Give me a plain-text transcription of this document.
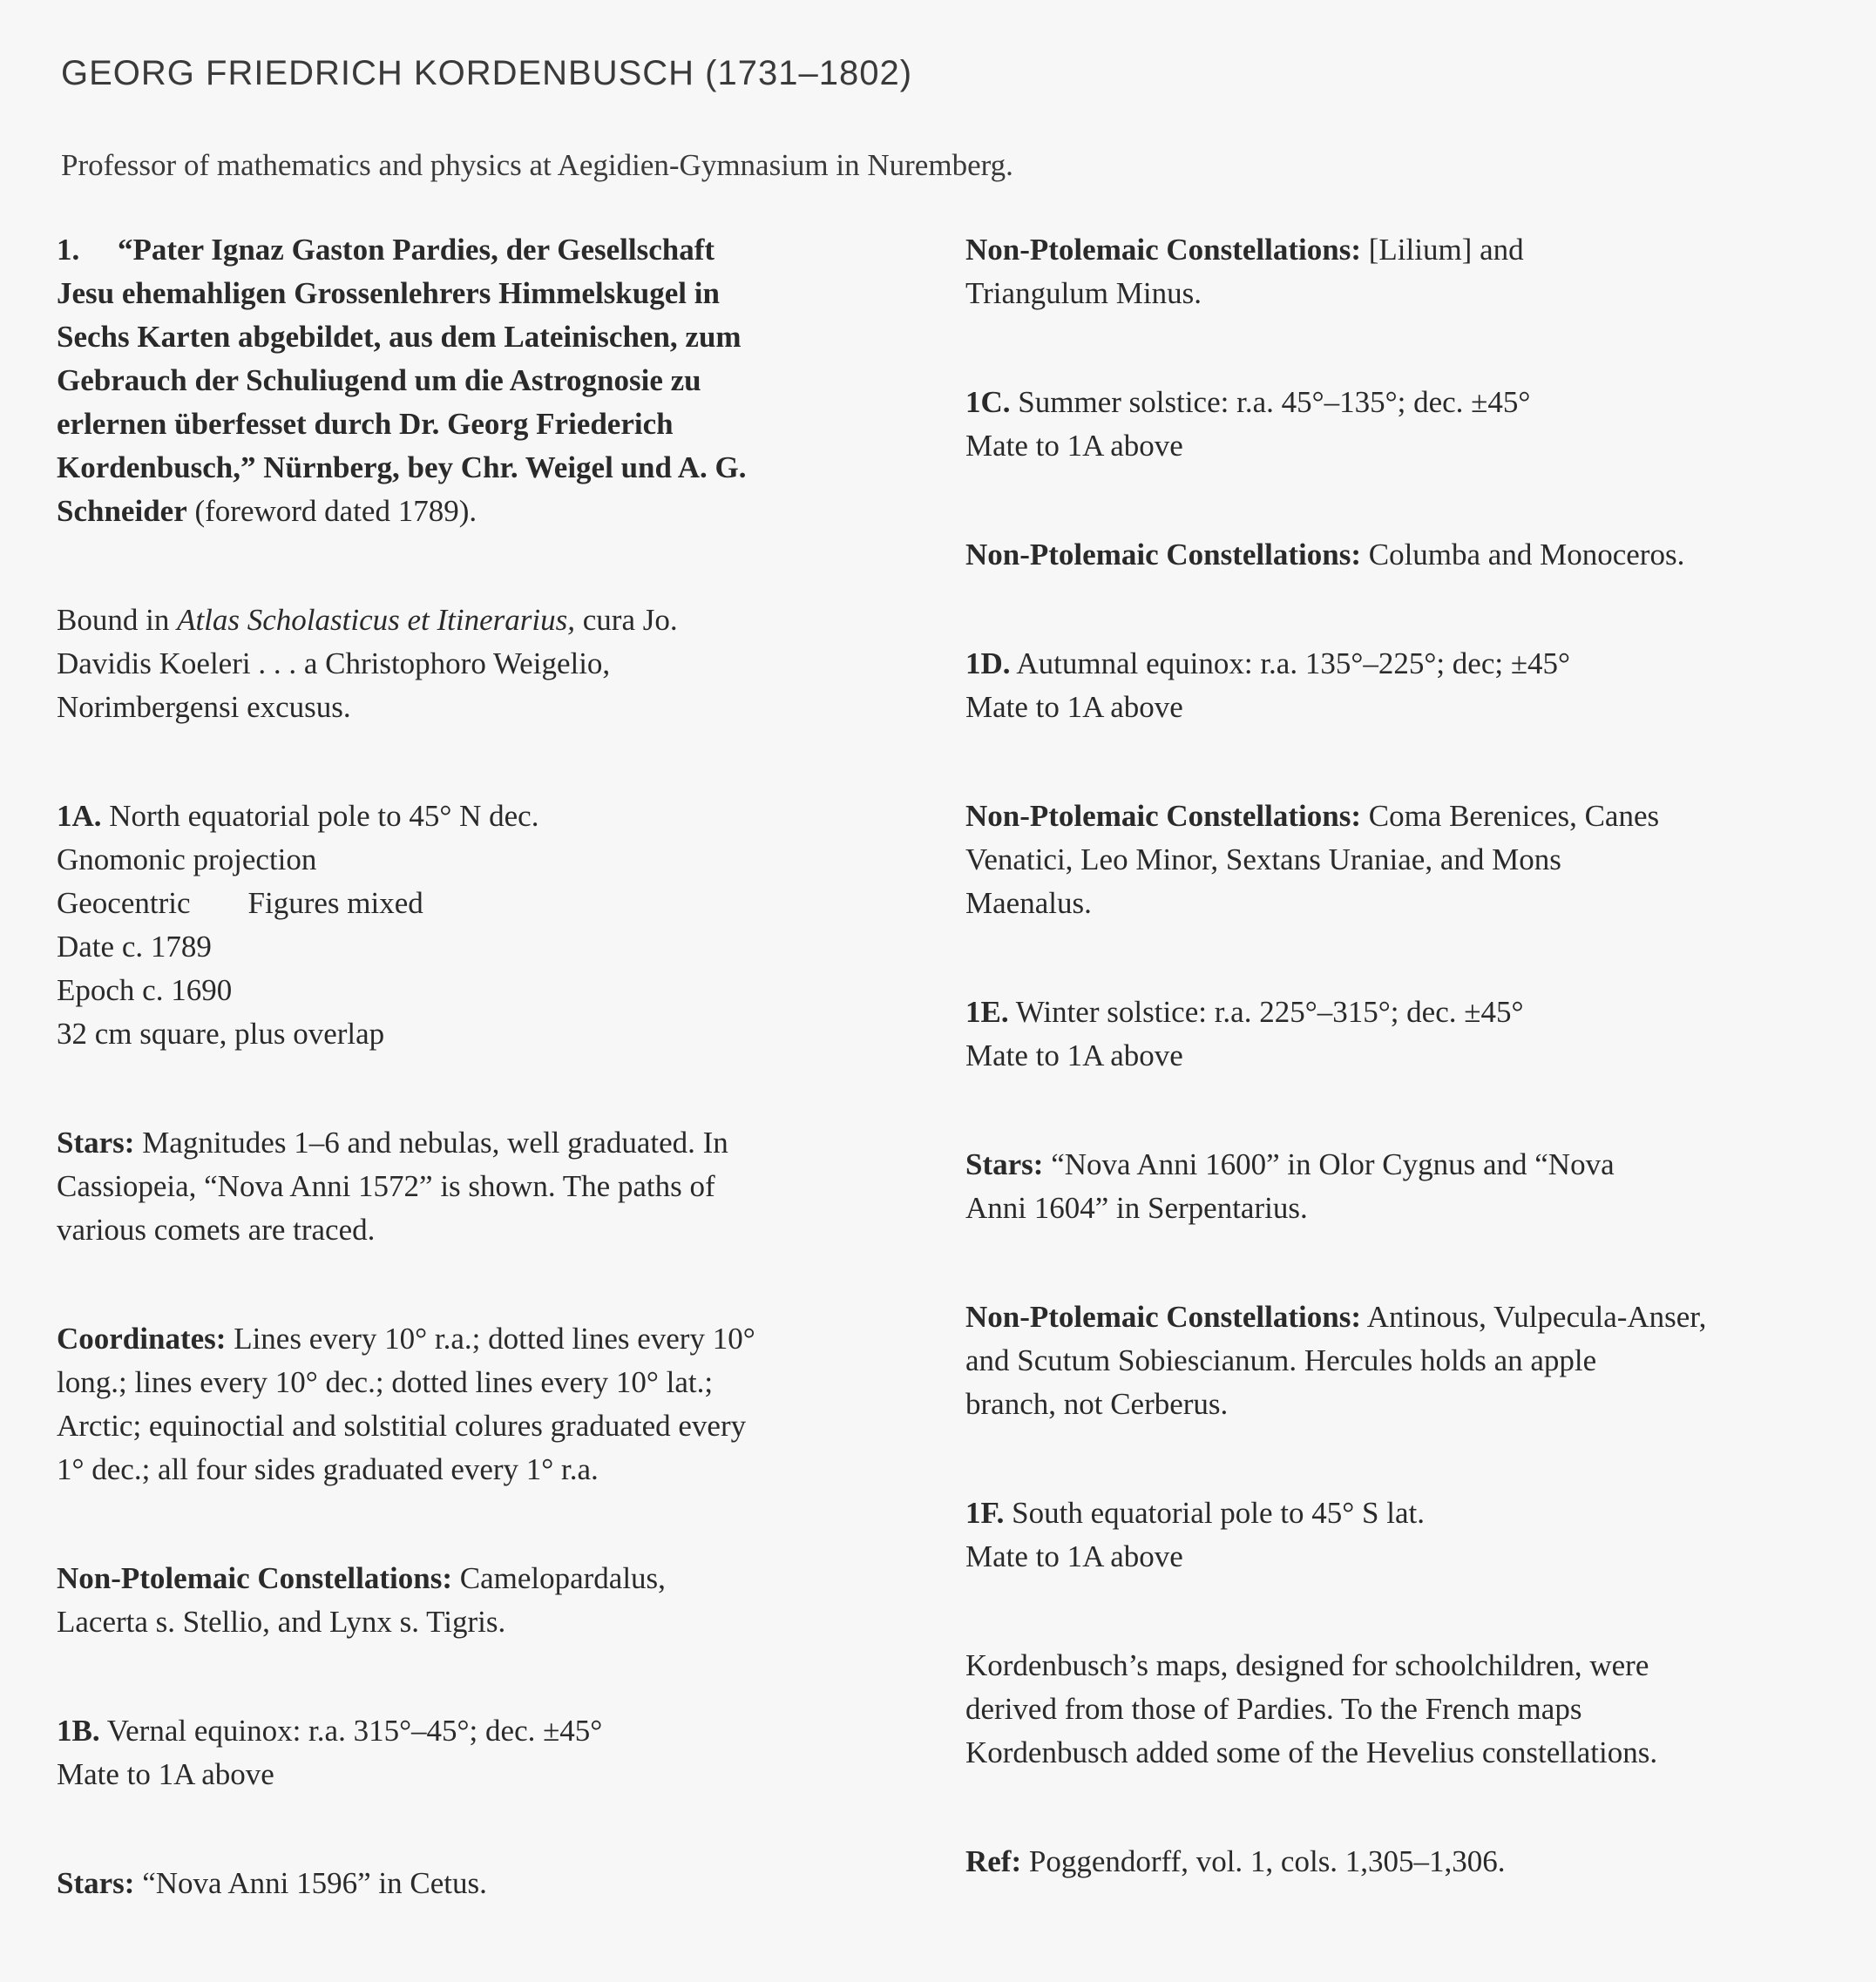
GEORG FRIEDRICH KORDENBUSCH (1731–1802)
Professor of mathematics and physics at Aegidien-Gymnasium in Nuremberg.
1. “Pater Ignaz Gaston Pardies, der Gesellschaft
Jesu ehemahligen Grossenlehrers Himmelskugel in
Sechs Karten abgebildet, aus dem Lateinischen, zum
Gebrauch der Schuliugend um die Astrognosie zu
erlernen überfesset durch Dr. Georg Friederich
Kordenbusch,” Nürnberg, bey Chr. Weigel und A. G.
Schneider (foreword dated 1789).
Bound in Atlas Scholasticus et Itinerarius, cura Jo.
Davidis Koeleri . . . a Christophoro Weigelio,
Norimbergensi excusus.
1A. North equatorial pole to 45° N dec.
Gnomonic projection
Geocentric Figures mixed
Date c. 1789
Epoch c. 1690
32 cm square, plus overlap
Stars: Magnitudes 1–6 and nebulas, well graduated. In
Cassiopeia, “Nova Anni 1572” is shown. The paths of
various comets are traced.
Coordinates: Lines every 10° r.a.; dotted lines every 10°
long.; lines every 10° dec.; dotted lines every 10° lat.;
Arctic; equinoctial and solstitial colures graduated every
1° dec.; all four sides graduated every 1° r.a.
Non-Ptolemaic Constellations: Camelopardalus,
Lacerta s. Stellio, and Lynx s. Tigris.
1B. Vernal equinox: r.a. 315°–45°; dec. ±45°
Mate to 1A above
Stars: “Nova Anni 1596” in Cetus.
Non-Ptolemaic Constellations: [Lilium] and
Triangulum Minus.
1C. Summer solstice: r.a. 45°–135°; dec. ±45°
Mate to 1A above
Non-Ptolemaic Constellations: Columba and Monoceros.
1D. Autumnal equinox: r.a. 135°–225°; dec; ±45°
Mate to 1A above
Non-Ptolemaic Constellations: Coma Berenices, Canes
Venatici, Leo Minor, Sextans Uraniae, and Mons
Maenalus.
1E. Winter solstice: r.a. 225°–315°; dec. ±45°
Mate to 1A above
Stars: “Nova Anni 1600” in Olor Cygnus and “Nova
Anni 1604” in Serpentarius.
Non-Ptolemaic Constellations: Antinous, Vulpecula-Anser,
and Scutum Sobiescianum. Hercules holds an apple
branch, not Cerberus.
1F. South equatorial pole to 45° S lat.
Mate to 1A above
Kordenbusch’s maps, designed for schoolchildren, were
derived from those of Pardies. To the French maps
Kordenbusch added some of the Hevelius constellations.
Ref: Poggendorff, vol. 1, cols. 1,305–1,306.
